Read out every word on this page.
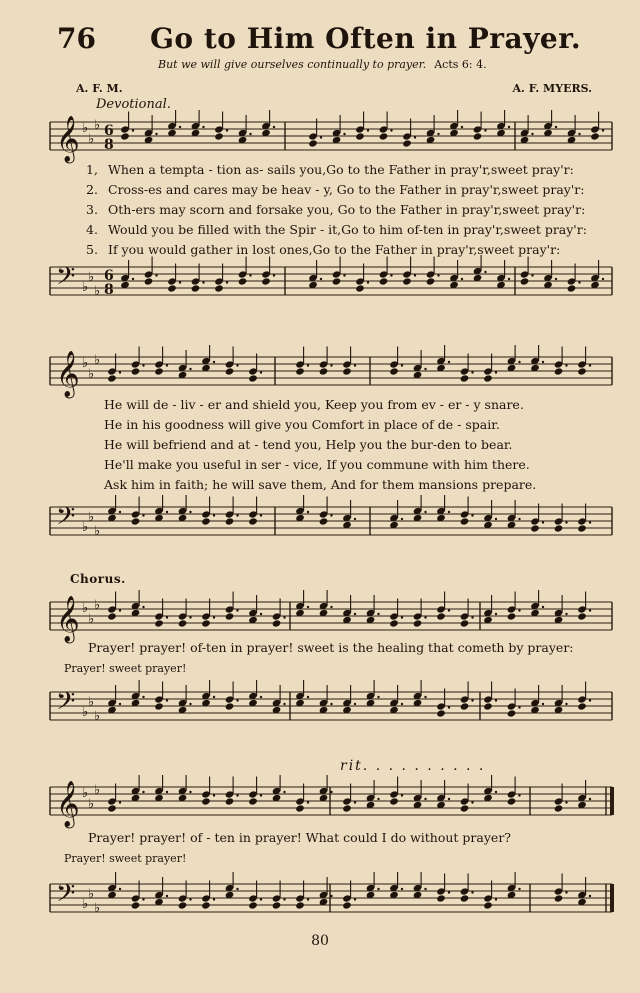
76 Go to Him Often in Prayer.
But we will give ourselves continually to prayer. Acts 6: 4.
A. F. M.	A. F. MYERS.
Devotional.
𝄞 ♭
♭
♭ 6
8
𝄢 ♭
♭
♭
6
8
1, When a tempta - tion as- sails you,Go to the Father in pray'r,sweet pray'r:
2. Cross-es and cares may be heav - y, Go to the Father in pray'r,sweet pray'r:
3. Oth-ers may scorn and forsake you, Go to the Father in pray'r,sweet pray'r:
4. Would you be filled with the Spir - it,Go to him of-ten in pray'r,sweet pray'r:
5. If you would gather in lost ones,Go to the Father in pray'r,sweet pray'r:
𝄞 ♭
♭
♭
He will de - liv - er and shield you, Keep you from ev - er - y snare.
He in his goodness will give you Comfort in place of de - spair.
He will befriend and at - tend you, Help you the bur-den to bear.
He'll make you useful in ser - vice, If you commune with him there.
Ask him in faith; he will save them, And for them mansions prepare.
𝄢 ♭
♭
♭
Chorus.
𝄞 ♭
♭
♭
Prayer! prayer! of-ten in prayer! sweet is the healing that cometh by prayer:
Prayer! sweet prayer!
𝄢 ♭
♭
♭
rit. . . . . . . . . .
𝄞 ♭
♭
♭
Prayer! prayer! of - ten in prayer! What could I do without prayer?
Prayer! sweet prayer!
𝄢 ♭
♭
♭
80
